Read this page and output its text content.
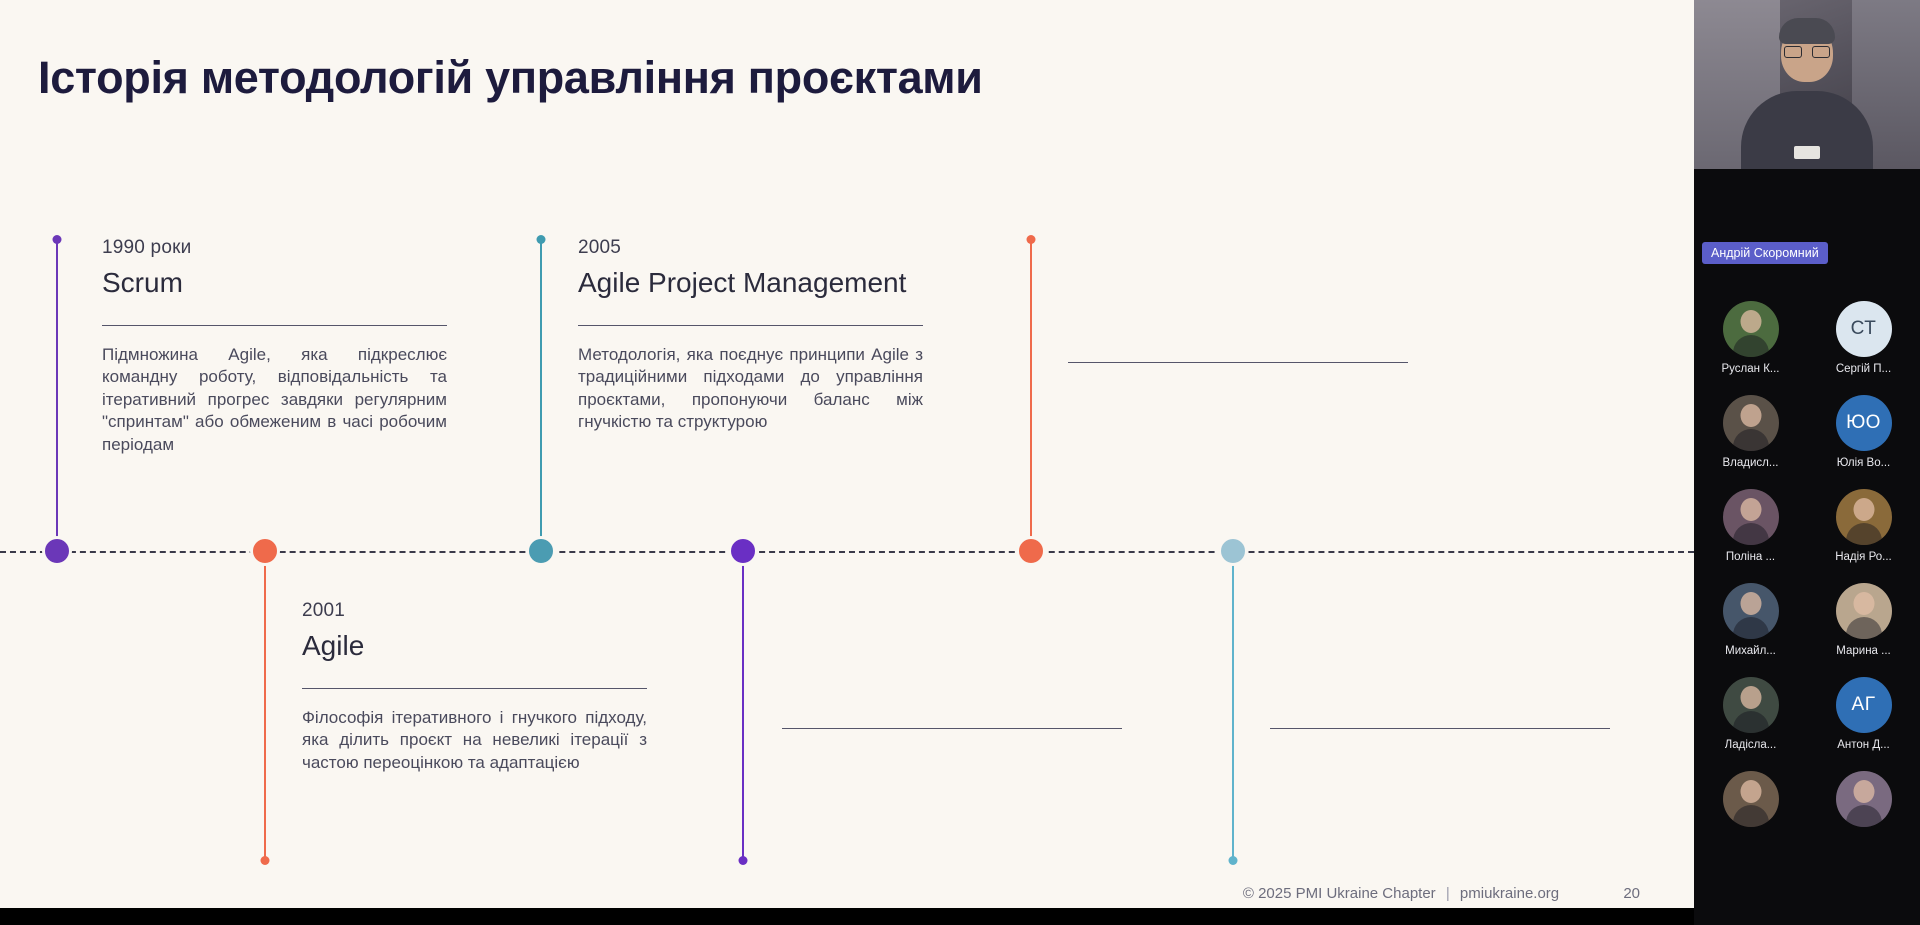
Історія методологій управління проєктами

1990 роки

Scrum

Підмножина Agile, яка підкреслює командну роботу, відповідальність та ітеративний прогрес завдяки регулярним "спринтам" або обмеженим в часі робочим періодам

2005

Agile Project Management

Методологія, яка поєднує принципи Agile з традиційними підходами до управління проєктами, пропонуючи баланс між гнучкістю та структурою

2001

Agile

Філософія ітеративного і гнучкого підходу, яка ділить проєкт на невеликі ітерації з частою переоцінкою та адаптацією

© 2025 PMI Ukraine Chapter | pmiukraine.org	20
Андрій Скоромний
Руслан К...
СТ
Сергій П...
Владисл...
ЮО
Юлія Во...
Поліна ...	Надія Ро...
Михайл...	Марина ...
Ладісла...
АГ
Антон Д...
